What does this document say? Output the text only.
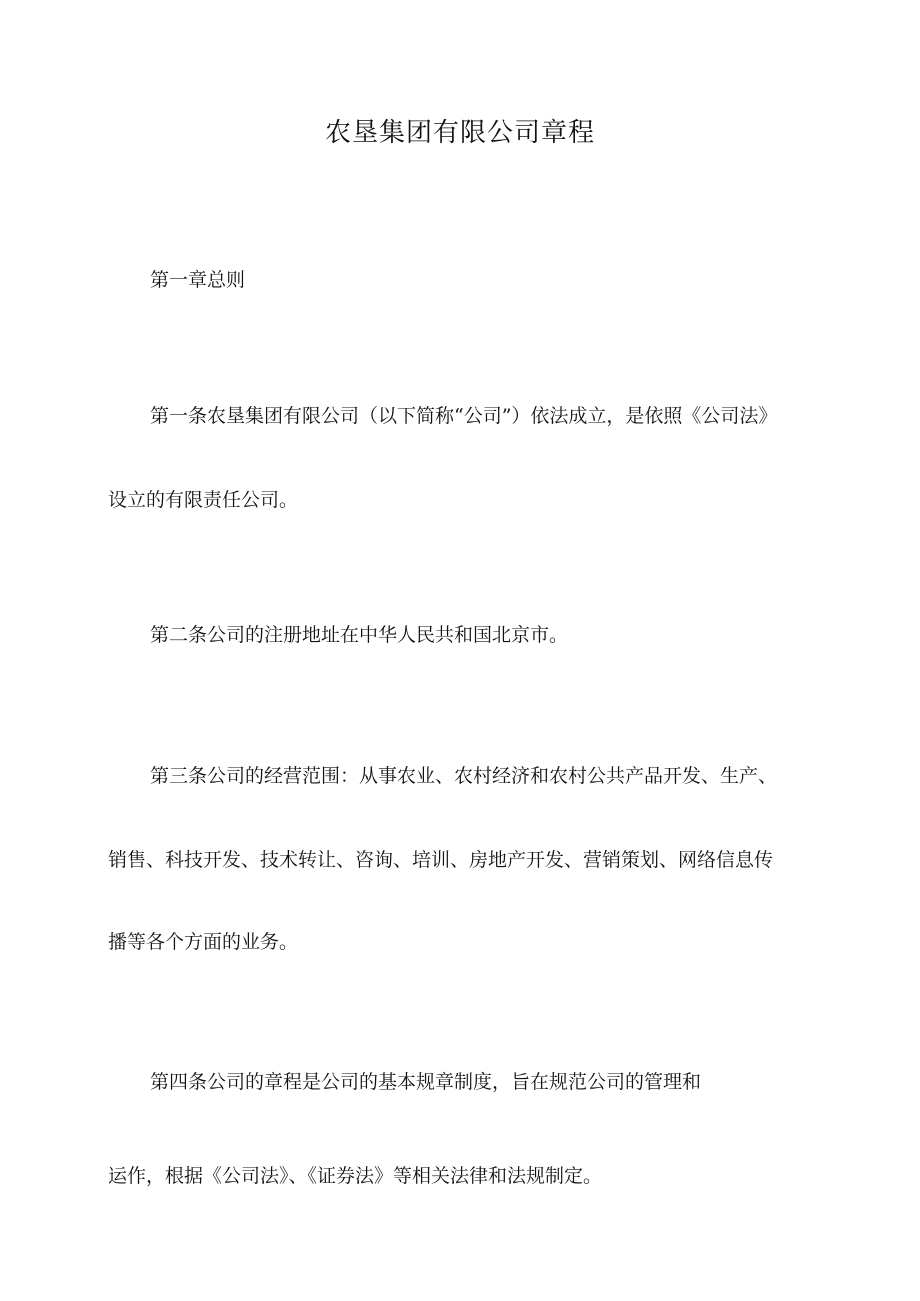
农垦集团有限公司章程
第一章总则
第一条农垦集团有限公司（以下简称“公司”）依法成立，是依照《公司法》
设立的有限责任公司。
第二条公司的注册地址在中华人民共和国北京市。
第三条公司的经营范围：从事农业、农村经济和农村公共产品开发、生产、
销售、科技开发、技术转让、咨询、培训、房地产开发、营销策划、网络信息传
播等各个方面的业务。
第四条公司的章程是公司的基本规章制度，旨在规范公司的管理和
运作，根据《公司法》、《证券法》等相关法律和法规制定。
